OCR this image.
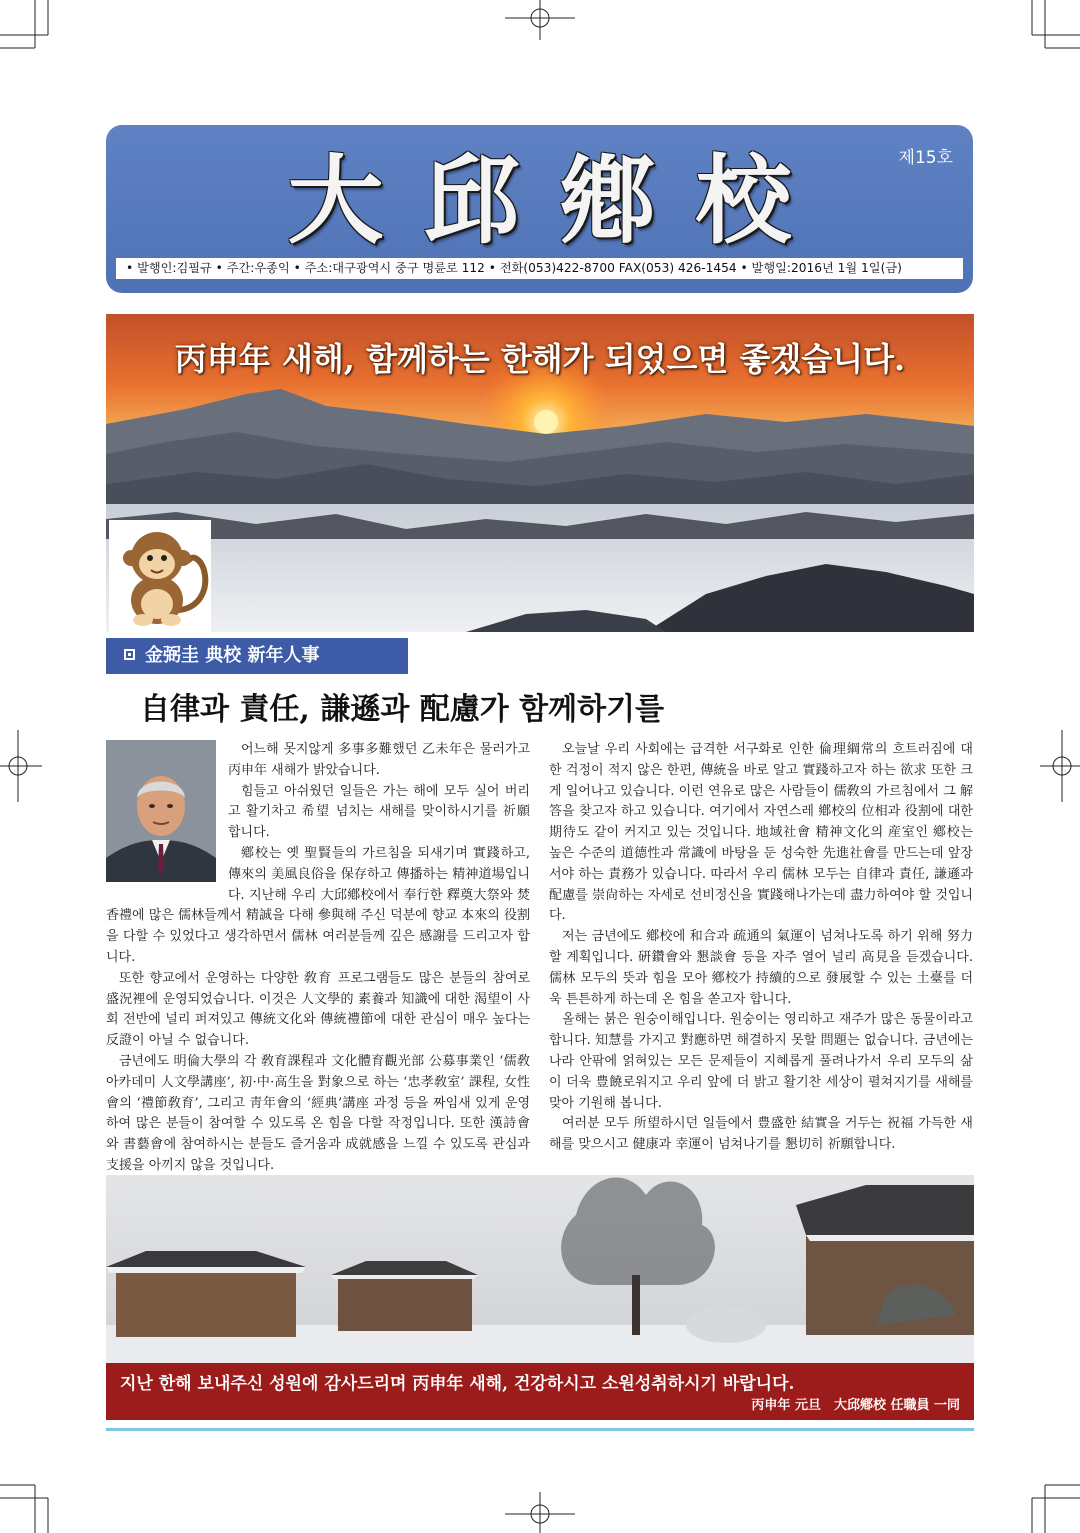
大邱鄕校	제15호
• 발행인:김필규 • 주간:우종익 • 주소:대구광역시 중구 명륜로 112 • 전화(053)422-8700 FAX(053) 426-1454 • 발행일:2016년 1월 1일(금)
丙申年 새해, 함께하는 한해가 되었으면 좋겠습니다.
金弼圭 典校 新年人事
自律과 責任, 謙遜과 配慮가 함께하기를

어느해 못지않게 多事多難했던 乙未年은 물러가고 丙申年 새해가 밝았습니다.

힘들고 아쉬웠던 일들은 가는 해에 모두 실어 버리고 활기차고 希望 넘치는 새해를 맞이하시기를 祈願합니다.

鄕校는 옛 聖賢들의 가르침을 되새기며 實踐하고, 傳來의 美風良俗을 保存하고 傳播하는 精神道場입니다. 지난해 우리 大邱鄕校에서 奉行한 釋奠大祭와 焚香禮에 많은 儒林들께서 精誠을 다해 參與해 주신 덕분에 향교 本來의 役割을 다할 수 있었다고 생각하면서 儒林 여러분들께 깊은 感謝를 드리고자 합니다.

또한 향교에서 운영하는 다양한 敎育 프로그램들도 많은 분들의 참여로 盛況裡에 운영되었습니다. 이것은 人文學的 素養과 知識에 대한 渴望이 사회 전반에 널리 퍼져있고 傳統文化와 傳統禮節에 대한 관심이 매우 높다는 反證이 아닐 수 없습니다.

금년에도 明倫大學의 각 敎育課程과 文化體育觀光部 公募事業인 ‘儒敎아카데미 人文學講座’, 初·中·高生을 對象으로 하는 ‘忠孝敎室’ 課程, 女性會의 ‘禮節敎育’, 그리고 靑年會의 ‘經典’講座 과정 등을 짜임새 있게 운영하여 많은 분들이 참여할 수 있도록 온 힘을 다할 작정입니다. 또한 漢詩會와 書藝會에 참여하시는 분들도 즐거움과 成就感을 느낄 수 있도록 관심과 支援을 아끼지 않을 것입니다.

오늘날 우리 사회에는 급격한 서구화로 인한 倫理綱常의 흐트러짐에 대한 걱정이 적지 않은 한편, 傳統을 바로 알고 實踐하고자 하는 欲求 또한 크게 일어나고 있습니다. 이런 연유로 많은 사람들이 儒敎의 가르침에서 그 解答을 찾고자 하고 있습니다. 여기에서 자연스레 鄕校의 位相과 役割에 대한 期待도 같이 커지고 있는 것입니다. 地域社會 精神文化의 産室인 鄕校는 높은 수준의 道德性과 常識에 바탕을 둔 성숙한 先進社會를 만드는데 앞장서야 하는 責務가 있습니다. 따라서 우리 儒林 모두는 自律과 責任, 謙遜과 配慮를 崇尙하는 자세로 선비정신을 實踐해나가는데 盡力하여야 할 것입니다.

저는 금년에도 鄕校에 和合과 疏通의 氣運이 넘쳐나도록 하기 위해 努力할 계획입니다. 硏鑽會와 懇談會 등을 자주 열어 널리 高見을 듣겠습니다. 儒林 모두의 뜻과 힘을 모아 鄕校가 持續的으로 發展할 수 있는 土臺를 더욱 튼튼하게 하는데 온 힘을 쏟고자 합니다.

올해는 붉은 원숭이해입니다. 원숭이는 영리하고 재주가 많은 동물이라고 합니다. 知慧를 가지고 對應하면 해결하지 못할 問題는 없습니다. 금년에는 나라 안팎에 얽혀있는 모든 문제들이 지혜롭게 풀려나가서 우리 모두의 삶이 더욱 豊饒로워지고 우리 앞에 더 밝고 활기찬 세상이 펼쳐지기를 새해를 맞아 기원해 봅니다.

여러분 모두 所望하시던 일들에서 豊盛한 結實을 거두는 祝福 가득한 새해를 맞으시고 健康과 幸運이 넘쳐나기를 懇切히 祈願합니다.

지난 한해 보내주신 성원에 감사드리며 丙申年 새해, 건강하시고 소원성취하시기 바랍니다.
丙申年 元旦　大邱鄕校 任職員 一同
